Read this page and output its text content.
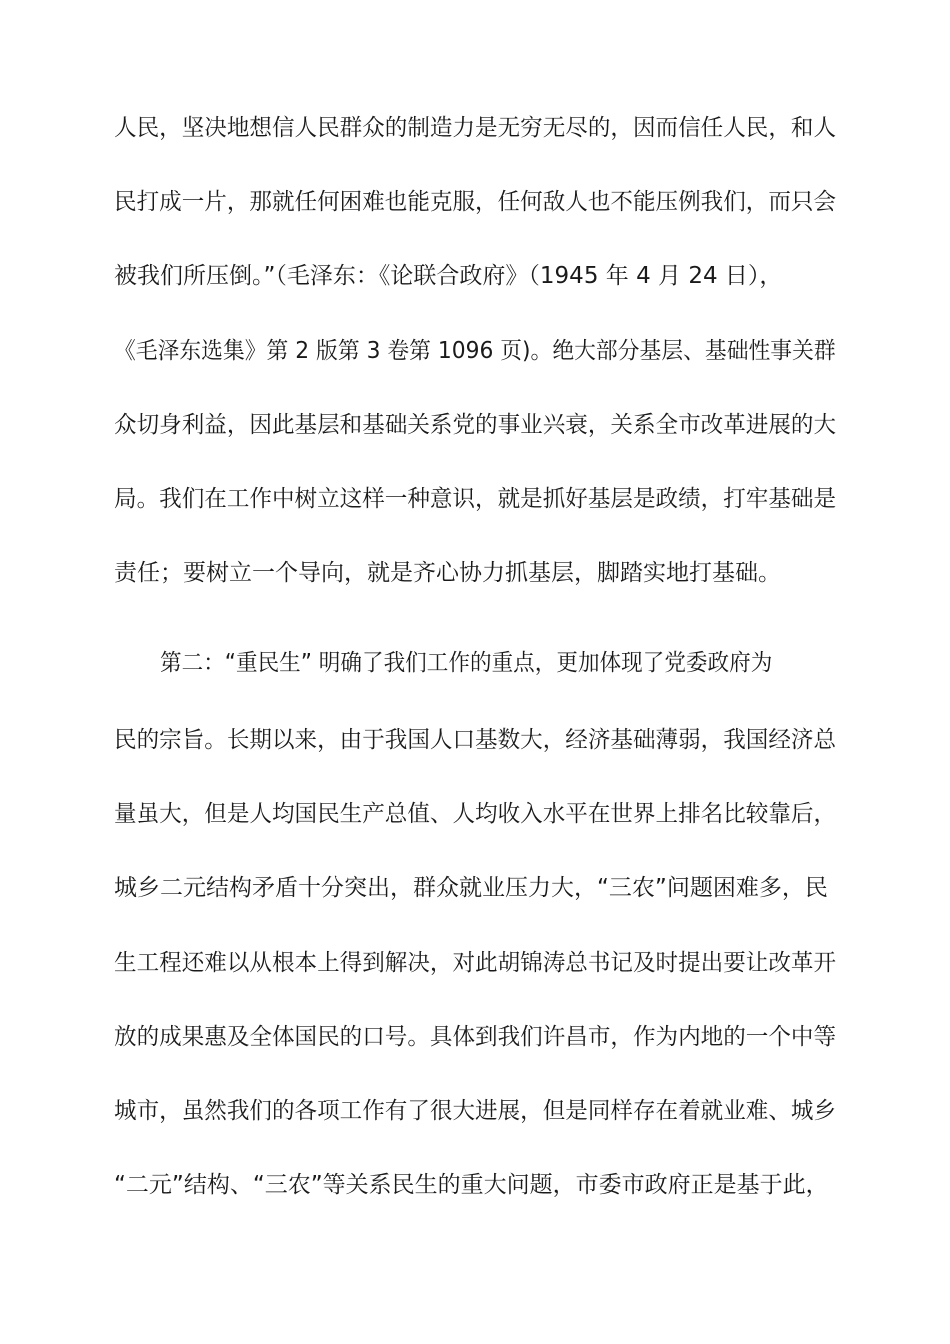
人民，坚决地想信人民群众的制造力是无穷无尽的，因而信任人民，和人
民打成一片，那就任何困难也能克服，任何敌人也不能压例我们，而只会
被我们所压倒。”（毛泽东：《论联合政府》（1945 年 4 月 24 日），
《毛泽东选集》第 2 版第 3 卷第 1096 页)。绝大部分基层、基础性事关群
众切身利益，因此基层和基础关系党的事业兴衰，关系全市改革进展的大
局。我们在工作中树立这样一种意识，就是抓好基层是政绩，打牢基础是
责任；要树立一个导向，就是齐心协力抓基层，脚踏实地打基础。
第二：“重民生” 明确了我们工作的重点，更加体现了党委政府为
民的宗旨。长期以来，由于我国人口基数大，经济基础薄弱，我国经济总
量虽大，但是人均国民生产总值、人均收入水平在世界上排名比较靠后，
城乡二元结构矛盾十分突出，群众就业压力大，“三农”问题困难多，民
生工程还难以从根本上得到解决，对此胡锦涛总书记及时提出要让改革开
放的成果惠及全体国民的口号。具体到我们许昌市，作为内地的一个中等
城市，虽然我们的各项工作有了很大进展，但是同样存在着就业难、城乡
“二元”结构、“三农”等关系民生的重大问题，市委市政府正是基于此，
